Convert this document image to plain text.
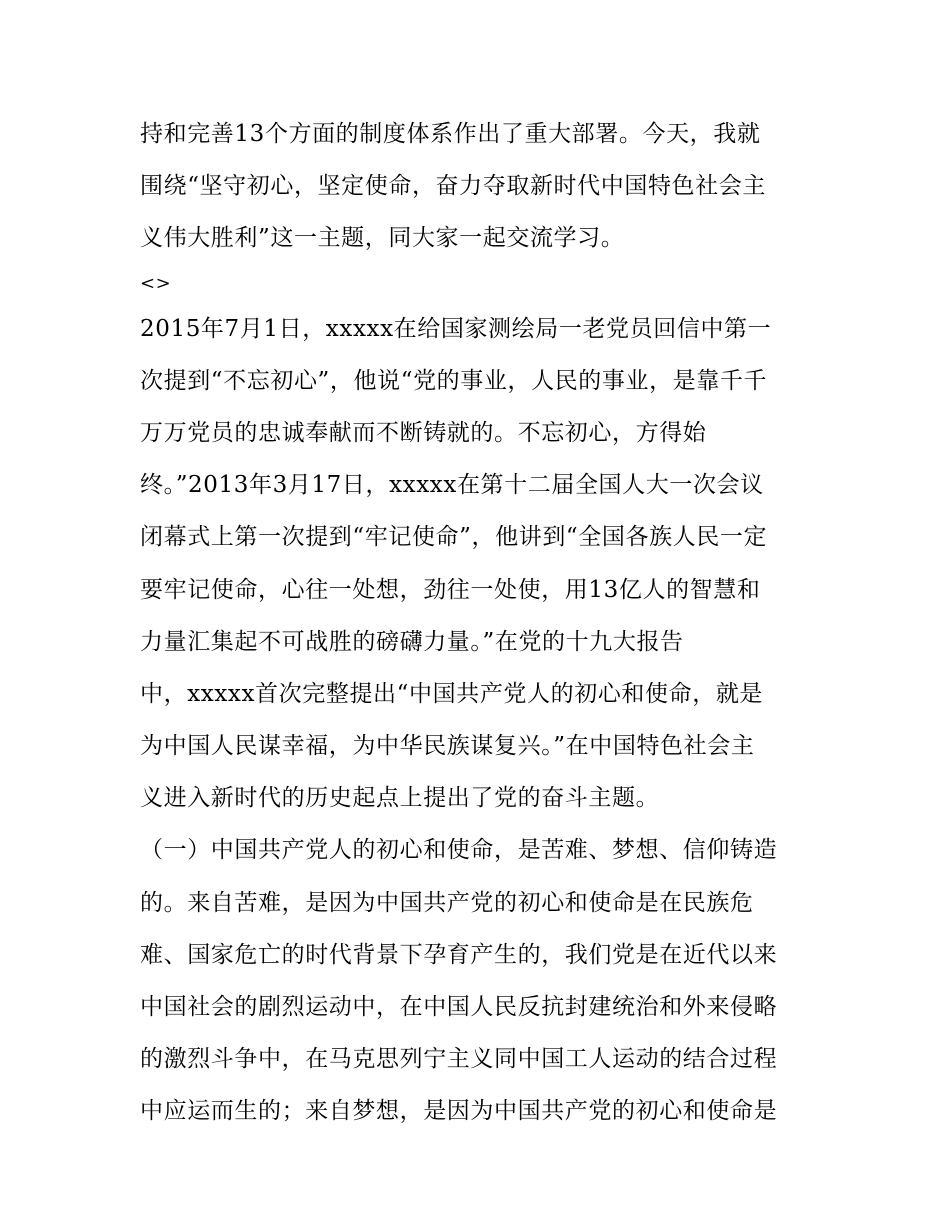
持和完善13个方面的制度体系作出了重大部署。今天，我就
围绕“坚守初心，坚定使命，奋力夺取新时代中国特色社会主
义伟大胜利”这一主题，同大家一起交流学习。
<>
2015年7月1日，xxxxx在给国家测绘局一老党员回信中第一
次提到“不忘初心”，他说“党的事业，人民的事业，是靠千千
万万党员的忠诚奉献而不断铸就的。不忘初心，方得始
终。”2013年3月17日，xxxxx在第十二届全国人大一次会议
闭幕式上第一次提到“牢记使命”，他讲到“全国各族人民一定
要牢记使命，心往一处想，劲往一处使，用13亿人的智慧和
力量汇集起不可战胜的磅礴力量。”在党的十九大报告
中，xxxxx首次完整提出“中国共产党人的初心和使命，就是
为中国人民谋幸福，为中华民族谋复兴。”在中国特色社会主
义进入新时代的历史起点上提出了党的奋斗主题。
（一）中国共产党人的初心和使命，是苦难、梦想、信仰铸造
的。来自苦难，是因为中国共产党的初心和使命是在民族危
难、国家危亡的时代背景下孕育产生的，我们党是在近代以来
中国社会的剧烈运动中，在中国人民反抗封建统治和外来侵略
的激烈斗争中，在马克思列宁主义同中国工人运动的结合过程
中应运而生的；来自梦想，是因为中国共产党的初心和使命是
